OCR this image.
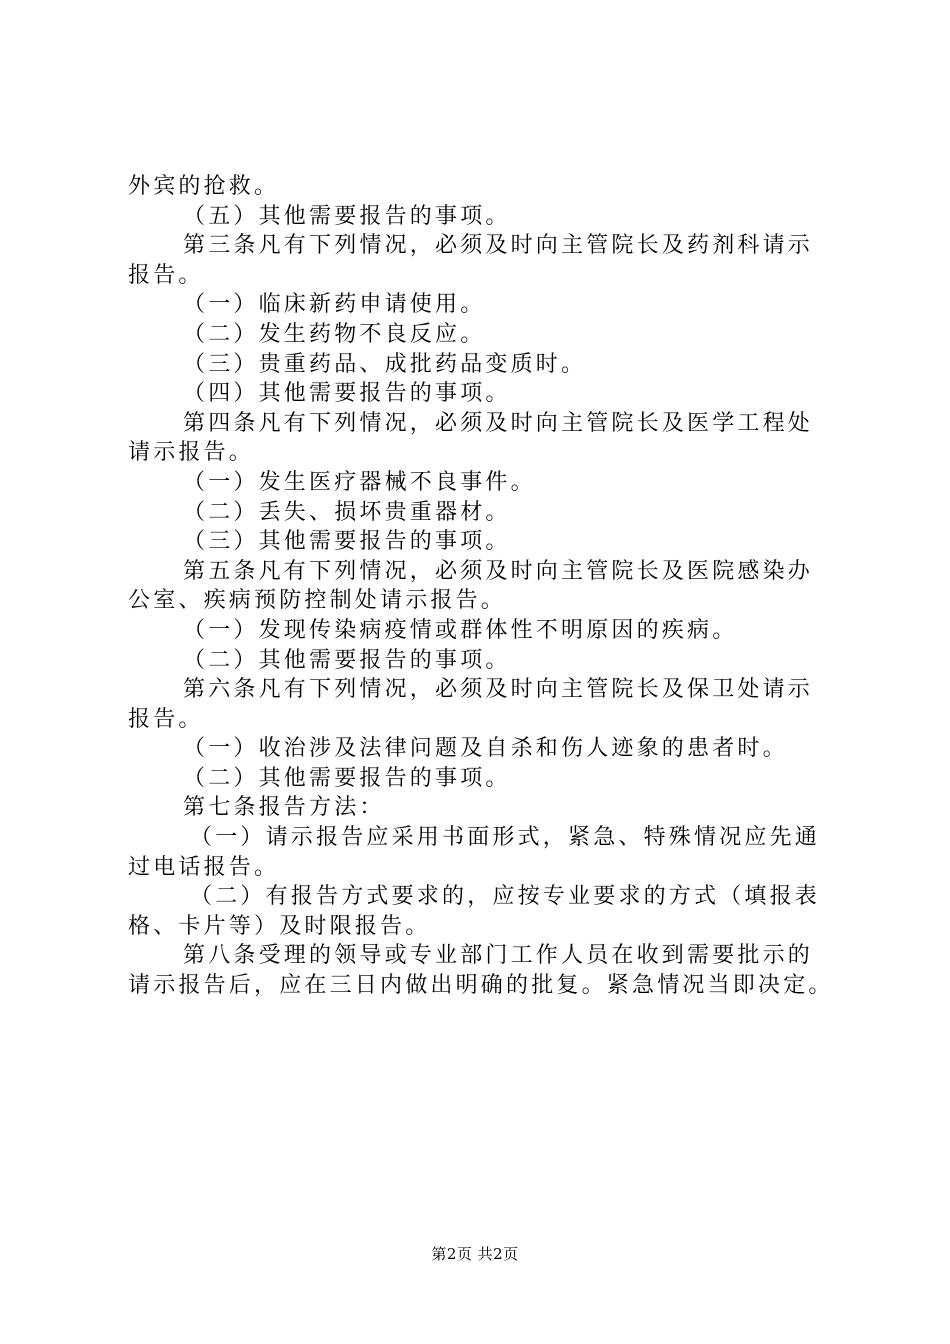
外宾的抢救。
（五）其他需要报告的事项。
第三条凡有下列情况，必须及时向主管院长及药剂科请示
报告。
（一）临床新药申请使用。
（二）发生药物不良反应。
（三）贵重药品、成批药品变质时。
（四）其他需要报告的事项。
第四条凡有下列情况，必须及时向主管院长及医学工程处
请示报告。
（一）发生医疗器械不良事件。
（二）丢失、损坏贵重器材。
（三）其他需要报告的事项。
第五条凡有下列情况，必须及时向主管院长及医院感染办
公室、疾病预防控制处请示报告。
（一）发现传染病疫情或群体性不明原因的疾病。
（二）其他需要报告的事项。
第六条凡有下列情况，必须及时向主管院长及保卫处请示
报告。
（一）收治涉及法律问题及自杀和伤人迹象的患者时。
（二）其他需要报告的事项。
第七条报告方法：
（一）请示报告应采用书面形式，紧急、特殊情况应先通
过电话报告。
（二）有报告方式要求的，应按专业要求的方式（填报表
格、卡片等）及时限报告。
第八条受理的领导或专业部门工作人员在收到需要批示的
请示报告后，应在三日内做出明确的批复。紧急情况当即决定。
第2页 共2页
